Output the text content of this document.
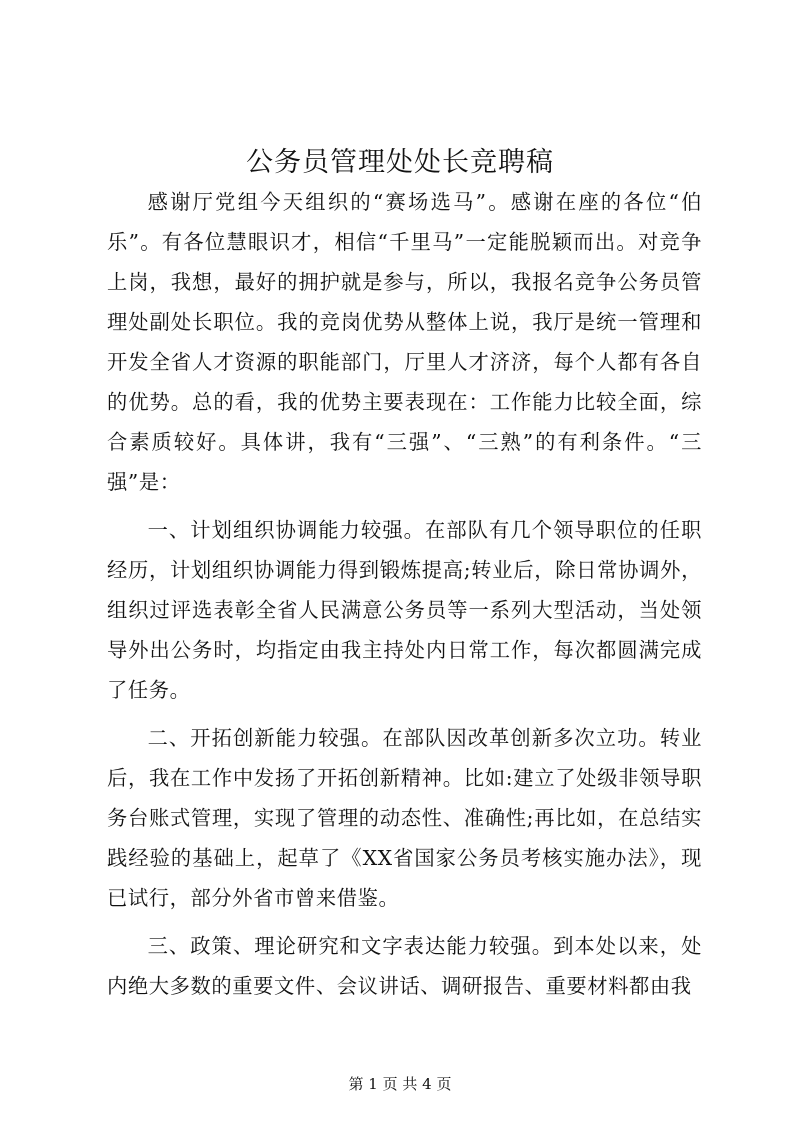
公务员管理处处长竞聘稿

感谢厅党组今天组织的“赛场选马”。感谢在座的各位“伯乐”。有各位慧眼识才，相信“千里马”一定能脱颖而出。对竞争上岗，我想，最好的拥护就是参与，所以，我报名竞争公务员管理处副处长职位。我的竞岗优势从整体上说，我厅是统一管理和开发全省人才资源的职能部门，厅里人才济济，每个人都有各自的优势。总的看，我的优势主要表现在：工作能力比较全面，综合素质较好。具体讲，我有“三强”、“三熟”的有利条件。“三强”是：

一、计划组织协调能力较强。在部队有几个领导职位的任职经历，计划组织协调能力得到锻炼提高;转业后，除日常协调外，组织过评选表彰全省人民满意公务员等一系列大型活动，当处领导外出公务时，均指定由我主持处内日常工作，每次都圆满完成了任务。

二、开拓创新能力较强。在部队因改革创新多次立功。转业后，我在工作中发扬了开拓创新精神。比如:建立了处级非领导职务台账式管理，实现了管理的动态性、准确性;再比如，在总结实践经验的基础上，起草了《XX省国家公务员考核实施办法》，现已试行，部分外省市曾来借鉴。

三、政策、理论研究和文字表达能力较强。到本处以来，处内绝大多数的重要文件、会议讲话、调研报告、重要材料都由我

第 1 页 共 4 页
